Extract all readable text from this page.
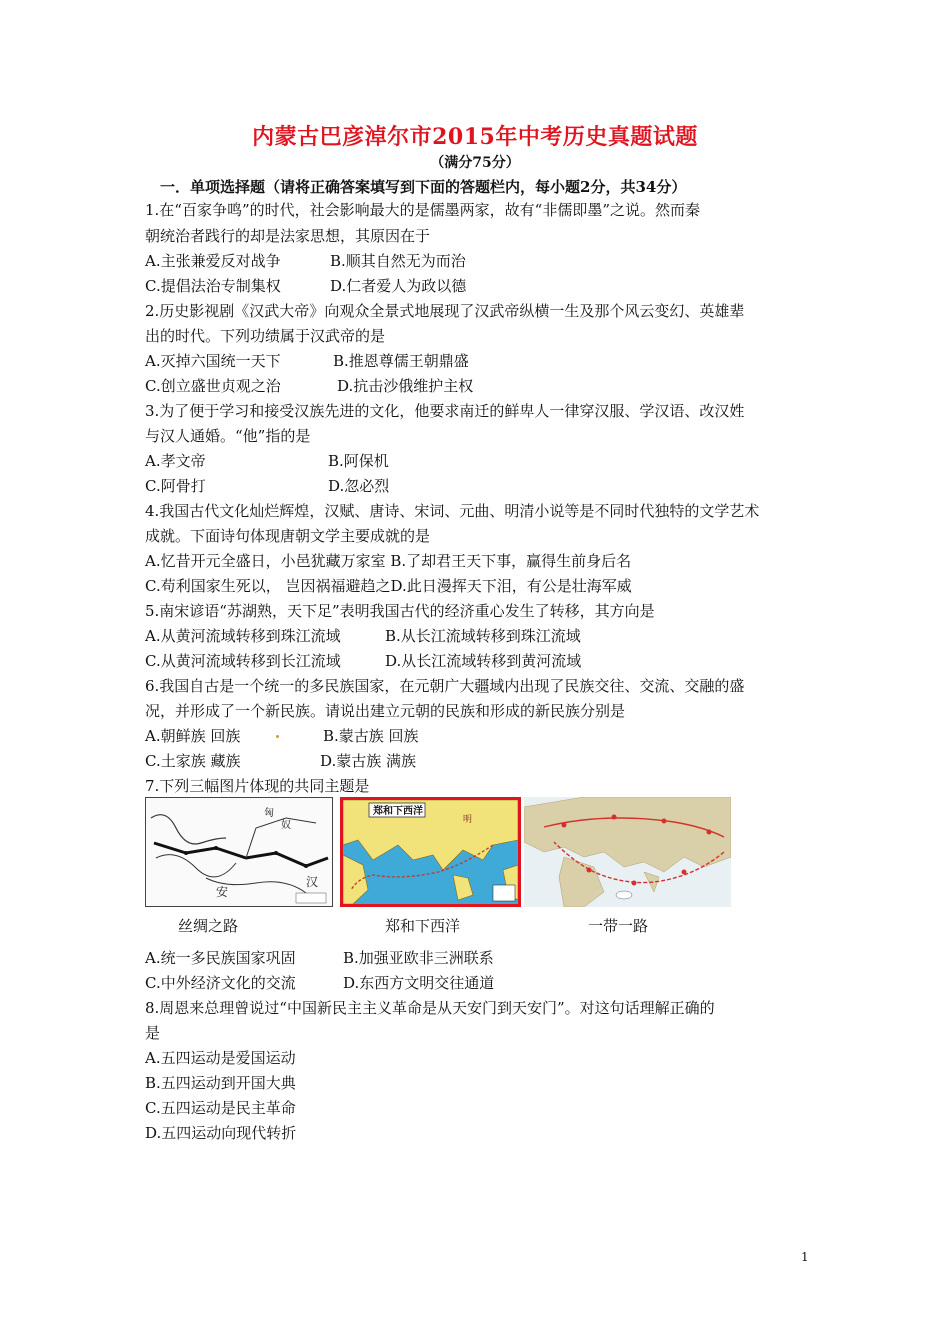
内蒙古巴彦淖尔市2015年中考历史真题试题
（满分75分）
一．单项选择题（请将正确答案填写到下面的答题栏内，每小题2分，共34分）
1.在“百家争鸣”的时代，社会影响最大的是儒墨两家，故有“非儒即墨”之说。然而秦
朝统治者践行的却是法家思想，其原因在于
A.主张兼爱反对战争	B.顺其自然无为而治
C.提倡法治专制集权	D.仁者爱人为政以德
2.历史影视剧《汉武大帝》向观众全景式地展现了汉武帝纵横一生及那个风云变幻、英雄辈
出的时代。下列功绩属于汉武帝的是
A.灭掉六国统一天下	B.推恩尊儒王朝鼎盛
C.创立盛世贞观之治	D.抗击沙俄维护主权
3.为了便于学习和接受汉族先进的文化，他要求南迁的鲜卑人一律穿汉服、学汉语、改汉姓
与汉人通婚。“他”指的是
A.孝文帝	B.阿保机
C.阿骨打	D.忽必烈
4.我国古代文化灿烂辉煌，汉赋、唐诗、宋词、元曲、明清小说等是不同时代独特的文学艺术
成就。下面诗句体现唐朝文学主要成就的是
A.忆昔开元全盛日，小邑犹藏万家室 B.了却君王天下事，赢得生前身后名
C.苟利国家生死以， 岂因祸福避趋之D.此日漫挥天下泪，有公是壮海军威
5.南宋谚语“苏湖熟，天下足”表明我国古代的经济重心发生了转移，其方向是
A.从黄河流域转移到珠江流域	B.从长江流域转移到珠江流域
C.从黄河流域转移到长江流域	D.从长江流域转移到黄河流域
6.我国自古是一个统一的多民族国家，在元朝广大疆域内出现了民族交往、交流、交融的盛
况，并形成了一个新民族。请说出建立元朝的民族和形成的新民族分别是
A.朝鲜族 回族	B.蒙古族 回族
C.土家族 藏族	D.蒙古族 满族
7.下列三幅图片体现的共同主题是
匈
奴
安
汉
郑和下西洋
明
丝绸之路	郑和下西洋	一带一路
A.统一多民族国家巩固	B.加强亚欧非三洲联系
C.中外经济文化的交流	D.东西方文明交往通道
8.周恩来总理曾说过“中国新民主主义革命是从天安门到天安门”。对这句话理解正确的
是
A.五四运动是爱国运动
B.五四运动到开国大典
C.五四运动是民主革命
D.五四运动向现代转折
1
